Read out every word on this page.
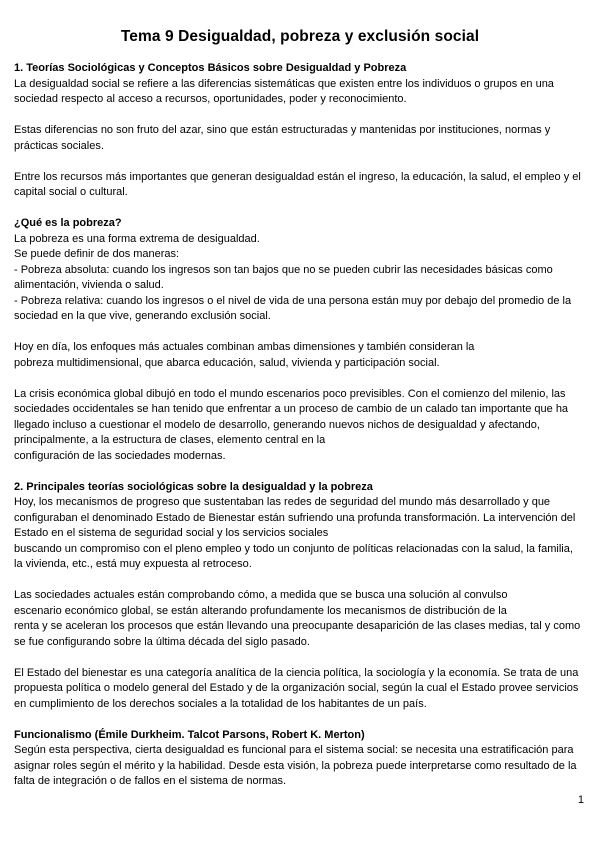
Tema 9 Desigualdad, pobreza y exclusión social
1. Teorías Sociológicas y Conceptos Básicos sobre Desigualdad y Pobreza

La desigualdad social se refiere a las diferencias sistemáticas que existen entre los individuos o grupos en una
sociedad respecto al acceso a recursos, oportunidades, poder y reconocimiento.

Estas diferencias no son fruto del azar, sino que están estructuradas y mantenidas por instituciones, normas y
prácticas sociales.

Entre los recursos más importantes que generan desigualdad están el ingreso, la educación, la salud, el empleo y el
capital social o cultural.

¿Qué es la pobreza?

La pobreza es una forma extrema de desigualdad.
Se puede definir de dos maneras:
- Pobreza absoluta: cuando los ingresos son tan bajos que no se pueden cubrir las necesidades básicas como
alimentación, vivienda o salud.
- Pobreza relativa: cuando los ingresos o el nivel de vida de una persona están muy por debajo del promedio de la
sociedad en la que vive, generando exclusión social.

Hoy en día, los enfoques más actuales combinan ambas dimensiones y también consideran la
pobreza multidimensional, que abarca educación, salud, vivienda y participación social.

La crisis económica global dibujó en todo el mundo escenarios poco previsibles. Con el comienzo del milenio, las
sociedades occidentales se han tenido que enfrentar a un proceso de cambio de un calado tan importante que ha
llegado incluso a cuestionar el modelo de desarrollo, generando nuevos nichos de desigualdad y afectando,
principalmente, a la estructura de clases, elemento central en la
configuración de las sociedades modernas.

2. Principales teorías sociológicas sobre la desigualdad y la pobreza

Hoy, los mecanismos de progreso que sustentaban las redes de seguridad del mundo más desarrollado y que
configuraban el denominado Estado de Bienestar están sufriendo una profunda transformación. La intervención del
Estado en el sistema de seguridad social y los servicios sociales
buscando un compromiso con el pleno empleo y todo un conjunto de políticas relacionadas con la salud, la familia,
la vivienda, etc., está muy expuesta al retroceso.

Las sociedades actuales están comprobando cómo, a medida que se busca una solución al convulso
escenario económico global, se están alterando profundamente los mecanismos de distribución de la
renta y se aceleran los procesos que están llevando una preocupante desaparición de las clases medias, tal y como
se fue configurando sobre la última década del siglo pasado.

El Estado del bienestar es una categoría analítica de la ciencia política, la sociología y la economía. Se trata de una
propuesta política o modelo general del Estado y de la organización social, según la cual el Estado provee servicios
en cumplimiento de los derechos sociales a la totalidad de los habitantes de un país.

Funcionalismo (Émile Durkheim. Talcot Parsons, Robert K. Merton)

Según esta perspectiva, cierta desigualdad es funcional para el sistema social: se necesita una estratificación para
asignar roles según el mérito y la habilidad. Desde esta visión, la pobreza puede interpretarse como resultado de la
falta de integración o de fallos en el sistema de normas.

1
